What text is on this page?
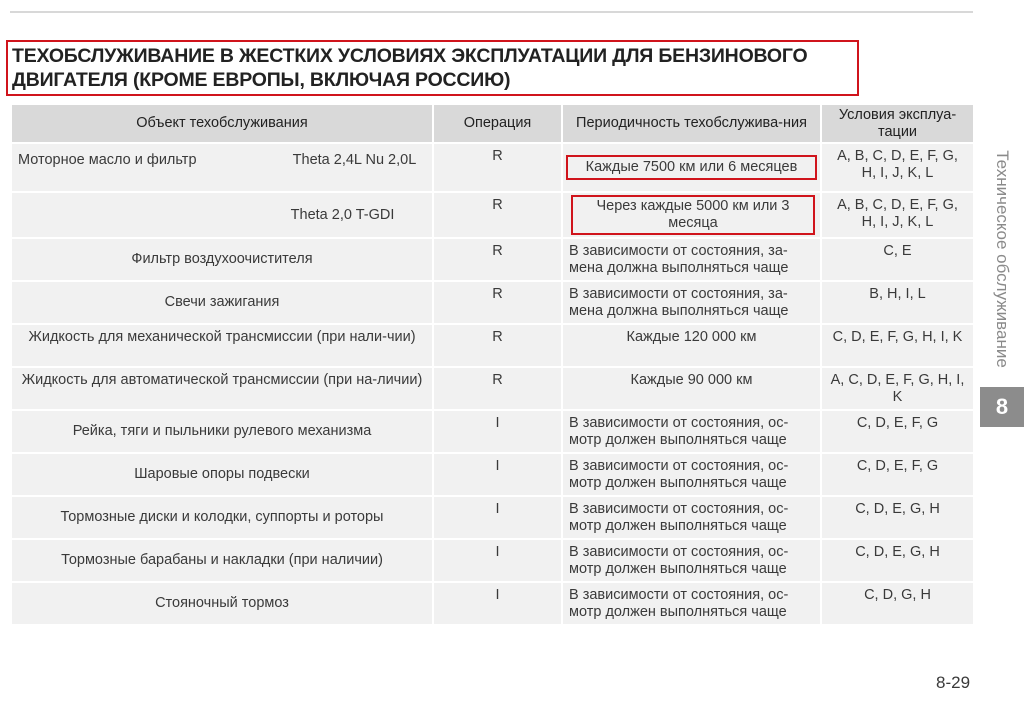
ТЕХОБСЛУЖИВАНИЕ В ЖЕСТКИХ УСЛОВИЯХ ЭКСПЛУАТАЦИИ ДЛЯ БЕНЗИНОВОГО ДВИГАТЕЛЯ (КРОМЕ ЕВРОПЫ, ВКЛЮЧАЯ РОССИЮ)
Объект техобслуживания	Операция	Периодичность техобслужива-ния	Условия эксплуа-тации

Моторное масло и фильтр Theta 2,4L Nu 2,0L	R	Каждые 7500 км или 6 месяцев	A, B, C, D, E, F, G, H, I, J, K, L

Theta 2,0 T-GDI	R	Через каждые 5000 км или 3 месяца	A, B, C, D, E, F, G, H, I, J, K, L
Фильтр воздухоочистителя	R	В зависимости от состояния, за-мена должна выполняться чаще	C, E
Свечи зажигания	R	В зависимости от состояния, за-мена должна выполняться чаще	B, H, I, L
Жидкость для механической трансмиссии (при нали-чии)	R	Каждые 120 000 км	C, D, E, F, G, H, I, K
Жидкость для автоматической трансмиссии (при на-личии)	R	Каждые 90 000 км	A, C, D, E, F, G, H, I, K
Рейка, тяги и пыльники рулевого механизма	I	В зависимости от состояния, ос-мотр должен выполняться чаще	C, D, E, F, G
Шаровые опоры подвески	I	В зависимости от состояния, ос-мотр должен выполняться чаще	C, D, E, F, G
Тормозные диски и колодки, суппорты и роторы	I	В зависимости от состояния, ос-мотр должен выполняться чаще	C, D, E, G, H
Тормозные барабаны и накладки (при наличии)	I	В зависимости от состояния, ос-мотр должен выполняться чаще	C, D, E, G, H
Стояночный тормоз	I	В зависимости от состояния, ос-мотр должен выполняться чаще	C, D, G, H
Техническое обслуживание
8
8-29
